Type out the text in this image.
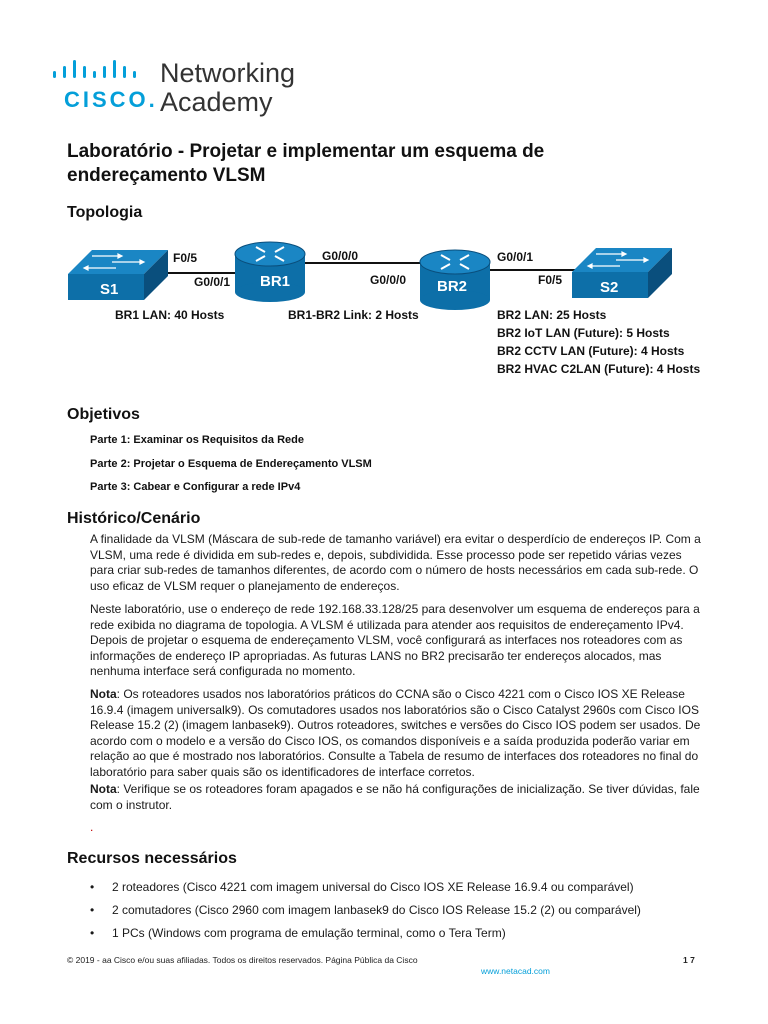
CISCO.
Networking
Academy
Laboratório - Projetar e implementar um esquema de endereçamento VLSM
Topologia
S1	BR1	BR2	S2
F0/5
G0/0/1
G0/0/0
G0/0/0
G0/0/1
F0/5
BR1 LAN: 40 Hosts	BR1-BR2 Link: 2 Hosts	BR2 LAN: 25 Hosts
BR2 IoT LAN (Future): 5 Hosts
BR2 CCTV LAN (Future): 4 Hosts
BR2 HVAC C2LAN (Future): 4 Hosts
Objetivos
Parte 1: Examinar os Requisitos da Rede
Parte 2: Projetar o Esquema de Endereçamento VLSM
Parte 3: Cabear e Configurar a rede IPv4
Histórico/Cenário
A finalidade da VLSM (Máscara de sub-rede de tamanho variável) era evitar o desperdício de endereços IP. Com a VLSM, uma rede é dividida em sub-redes e, depois, subdividida. Esse processo pode ser repetido várias vezes para criar sub-redes de tamanhos diferentes, de acordo com o número de hosts necessários em cada sub-rede. O uso eficaz de VLSM requer o planejamento de endereços.
Neste laboratório, use o endereço de rede 192.168.33.128/25 para desenvolver um esquema de endereços para a rede exibida no diagrama de topologia. A VLSM é utilizada para atender aos requisitos de endereçamento IPv4. Depois de projetar o esquema de endereçamento VLSM, você configurará as interfaces nos roteadores com as informações de endereço IP apropriadas. As futuras LANS no BR2 precisarão ter endereços alocados, mas nenhuma interface será configurada no momento.
Nota: Os roteadores usados nos laboratórios práticos do CCNA são o Cisco 4221 com o Cisco IOS XE Release 16.9.4 (imagem universalk9). Os comutadores usados nos laboratórios são o Cisco Catalyst 2960s com Cisco IOS Release 15.2 (2) (imagem lanbasek9). Outros roteadores, switches e versões do Cisco IOS podem ser usados. De acordo com o modelo e a versão do Cisco IOS, os comandos disponíveis e a saída produzida poderão variar em relação ao que é mostrado nos laboratórios. Consulte a Tabela de resumo de interfaces dos roteadores no final do laboratório para saber quais são os identificadores de interface corretos.
Nota: Verifique se os roteadores foram apagados e se não há configurações de inicialização. Se tiver dúvidas, fale com o instrutor.
.
Recursos necessários
• 2 roteadores (Cisco 4221 com imagem universal do Cisco IOS XE Release 16.9.4 ou comparável)
• 2 comutadores (Cisco 2960 com imagem lanbasek9 do Cisco IOS Release 15.2 (2) ou comparável)
• 1 PCs (Windows com programa de emulação terminal, como o Tera Term)
© 2019 - aa Cisco e/ou suas afiliadas. Todos os direitos reservados. Página Pública da Cisco	1 7
www.netacad.com
